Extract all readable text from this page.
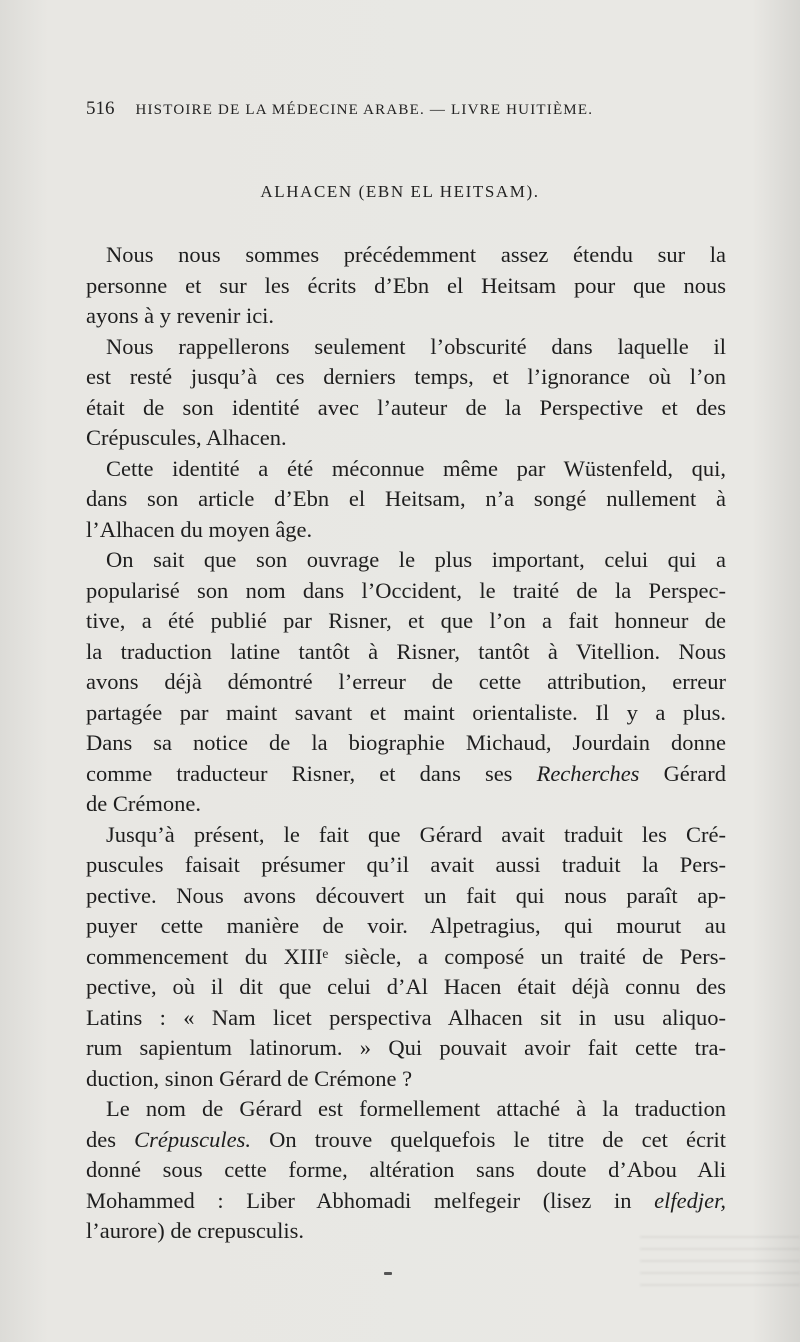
516 HISTOIRE DE LA MÉDECINE ARABE. — LIVRE HUITIÈME.
ALHACEN (EBN EL HEITSAM).
Nous nous sommes précédemment assez étendu sur la
personne et sur les écrits d’Ebn el Heitsam pour que nous
ayons à y revenir ici.
Nous rappellerons seulement l’obscurité dans laquelle il
est resté jusqu’à ces derniers temps, et l’ignorance où l’on
était de son identité avec l’auteur de la Perspective et des
Crépuscules, Alhacen.
Cette identité a été méconnue même par Wüstenfeld, qui,
dans son article d’Ebn el Heitsam, n’a songé nullement à
l’Alhacen du moyen âge.
On sait que son ouvrage le plus important, celui qui a
popularisé son nom dans l’Occident, le traité de la Perspec-
tive, a été publié par Risner, et que l’on a fait honneur de
la traduction latine tantôt à Risner, tantôt à Vitellion. Nous
avons déjà démontré l’erreur de cette attribution, erreur
partagée par maint savant et maint orientaliste. Il y a plus.
Dans sa notice de la biographie Michaud, Jourdain donne
comme traducteur Risner, et dans ses Recherches Gérard
de Crémone.
Jusqu’à présent, le fait que Gérard avait traduit les Cré-
puscules faisait présumer qu’il avait aussi traduit la Pers-
pective. Nous avons découvert un fait qui nous paraît ap-
puyer cette manière de voir. Alpetragius, qui mourut au
commencement du XIIIᵉ siècle, a composé un traité de Pers-
pective, où il dit que celui d’Al Hacen était déjà connu des
Latins : « Nam licet perspectiva Alhacen sit in usu aliquo-
rum sapientum latinorum. » Qui pouvait avoir fait cette tra-
duction, sinon Gérard de Crémone ?
Le nom de Gérard est formellement attaché à la traduction
des Crépuscules. On trouve quelquefois le titre de cet écrit
donné sous cette forme, altération sans doute d’Abou Ali
Mohammed : Liber Abhomadi melfegeir (lisez in elfedjer,
l’aurore) de crepusculis.
